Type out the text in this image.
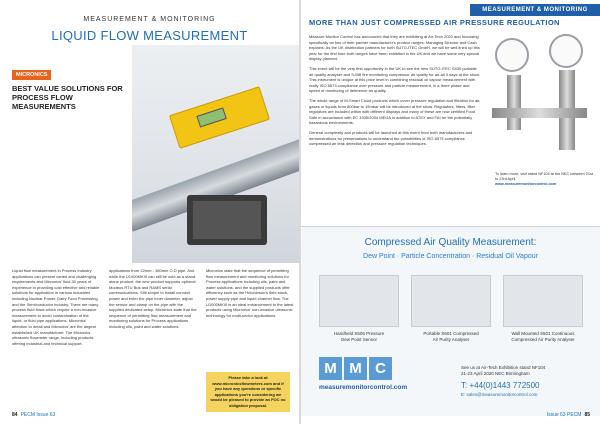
MEASUREMENT & MONITORING
LIQUID FLOW MEASUREMENT
MICRONICS
BEST VALUE SOLUTIONS FOR PROCESS FLOW MEASUREMENTS
Liquid flow measurement in Process Industry applications can present varied and challenging requirements and Micronics' fluid 30 years of experience in providing cost effective and reliable solutions for application in various industries including Nuclear Power, Dairy Food Processing and the Semiconductor industry. There are many process fluid flows which require a non-invasive measurement to avoid contamination of the liquid, or fluid pipe applications. Micronics' attention to detail and Micronics' are the largest established UK manufacturer. The Micronics ultrasonic flowmeter range, including products offering industrial and technical support.
applications from 22mm - 160mm O.D pipe. And while the U1000MKIII can still be sold as a stand-alone product, the new product supports optional Modbus RTU Bus and RAMS serial communications. Still simple to install connect power and enter the pipe inner diameter, adjust the sensor and clamp on the pipe with the supplied dedicated setup. Micronics state that the sequence of permitting flow measurement and monitoring solutions for Process applications including oils, paint and water solutions.
Micronics state that the sequence of permitting flow measurement and monitoring solutions for Process applications including oils, paint and water solutions, and the supplied products offer efficiency such as the Hutchinson's field stock, power supply pipe and liquid channel flow. The U1000MKIII is an ideal enhancement to the latest products using Micronics' non-invasive ultrasonic technology for multi-sector applications.
Please take a look at www.micronicsflowmeters.com and if you have any questions or specific applications you're considering we would be pleased to provide an FOC no obligation proposal.
84 PECM Issue 63
MEASUREMENT & MONITORING
MORE THAN JUST COMPRESSED AIR PRESSURE REGULATION

Measure Monitor Control has announced that they are exhibiting at Air-Tech 2020 and focussing specifically on two of their partner manufacturer's product ranges: Managing Director and Cash explains: As the UK distribution partners for both SUTO-ITEC GmbH, we will be well lined up this year for the first time both ranges have been exhibited in the UK and we have some very special display planned.

This event will be the very first opportunity in the UK to see the new SUTO-ITEC S430 portable air quality analyser and S-Mill fire monitoring compressor air quality for air-all 3 days at the show. This instrument is unique at this price level in combining residual oil vapour measurement with really ISO 8573 compliance over pressure and particle measurement, in a three phase and speed of monitoring of deference air quality.

The whole range of M-Smart Cloud products which cover pressure regulation and filtration for air, gases or liquids from 600bar to 15mbar will be introduced at the show. Regulators, filters, filter regulators are included within with different displays and many of these are now certified Food Safe in accordance with EC 1935/2004 MEGA in addition to ATEX and FAI for the potentially hazardous environments.

General complexity and products will be launched at this event from both manufacturers and demonstrations for presentations to understand the possibilities of ISO 8573 compliance compressed air leak detection and pressure regulation techniques.

To learn more, visit stand NF104 at the NEC between 21st to 23rd April.
www.measuremonitorcontrol.com
Compressed Air Quality Measurement:
Dew Point · Particle Concentration · Residual Oil Vapour
Handheld S505 Pressure
Dew Point Sensor
Portable S601 Compressed
Air Purity Analyser
Wall Mounted S601 Continuous
Compressed Air Purity Analyser
M M C
measuremonitorcontrol.com
See us at Air-Tech Exhibition stand NF104
21-23 April 2020 NEC Birmingham
T: +44(0)1443 772500
E: sales@measuremonitorcontrol.com
Issue 63 PECM 85
